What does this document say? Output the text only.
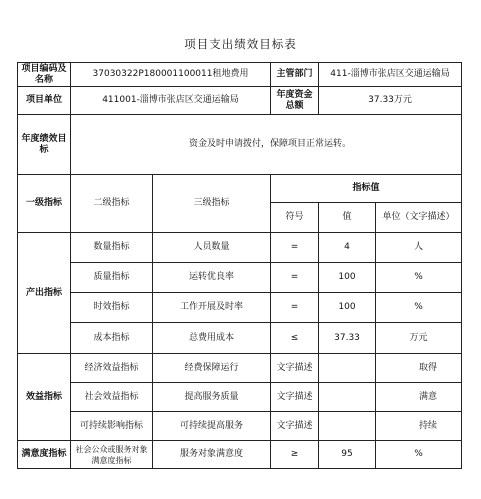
项目支出绩效目标表
项目编码及名称	37030322P180001100011租地费用		主管部门	411-淄博市张店区交通运输局	
项目单位	411001-淄博市张店区交通运输局		年度资金总额	37.33万元	
年度绩效目标	资金及时申请拨付，保障项目正常运转。				
一级指标	二级指标	三级指标	指标值		
			符号	值	单位（文字描述）
产出指标	数量指标	人员数量	=	4	人
	质量指标	运转优良率	=	100	%
	时效指标	工作开展及时率	=	100	%
	成本指标	总费用成本	≤	37.33	万元
效益指标	经济效益指标	经费保障运行	文字描述		取得
	社会效益指标	提高服务质量	文字描述		满意
	可持续影响指标	可持续提高服务	文字描述		持续
满意度指标	社会公众或服务对象满意度指标	服务对象满意度	≥	95	%
